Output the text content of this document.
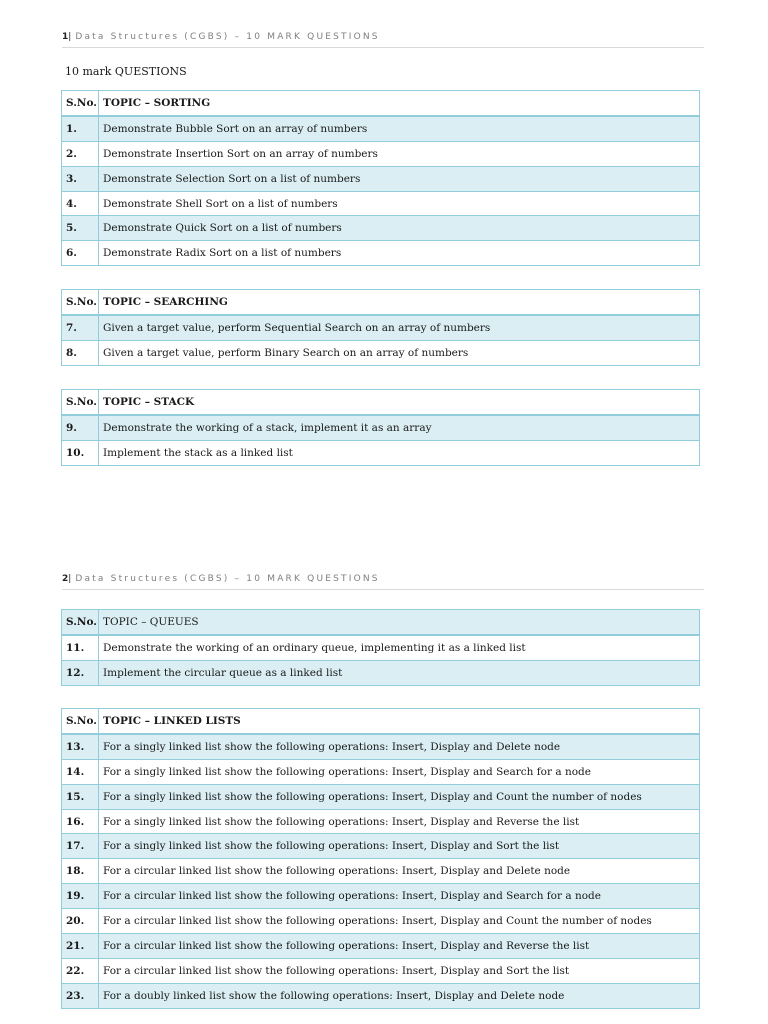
1| Data Structures (CGBS) – 10 MARK QUESTIONS
10 mark QUESTIONS
S.No.	TOPIC – SORTING
1.	Demonstrate Bubble Sort on an array of numbers
2.	Demonstrate Insertion Sort on an array of numbers
3.	Demonstrate Selection Sort on a list of numbers
4.	Demonstrate Shell Sort on a list of numbers
5.	Demonstrate Quick Sort on a list of numbers
6.	Demonstrate Radix Sort on a list of numbers
S.No.	TOPIC – SEARCHING
7.	Given a target value, perform Sequential Search on an array of numbers
8.	Given a target value, perform Binary Search on an array of numbers
S.No.	TOPIC – STACK
9.	Demonstrate the working of a stack, implement it as an array
10.	Implement the stack as a linked list
2| Data Structures (CGBS) – 10 MARK QUESTIONS
S.No.	TOPIC – QUEUES
11.	Demonstrate the working of an ordinary queue, implementing it as a linked list
12.	Implement the circular queue as a linked list
S.No.	TOPIC – LINKED LISTS
13.	For a singly linked list show the following operations: Insert, Display and Delete node
14.	For a singly linked list show the following operations: Insert, Display and Search for a node
15.	For a singly linked list show the following operations: Insert, Display and Count the number of nodes
16.	For a singly linked list show the following operations: Insert, Display and Reverse the list
17.	For a singly linked list show the following operations: Insert, Display and Sort the list
18.	For a circular linked list show the following operations: Insert, Display and Delete node
19.	For a circular linked list show the following operations: Insert, Display and Search for a node
20.	For a circular linked list show the following operations: Insert, Display and Count the number of nodes
21.	For a circular linked list show the following operations: Insert, Display and Reverse the list
22.	For a circular linked list show the following operations: Insert, Display and Sort the list
23.	For a doubly linked list show the following operations: Insert, Display and Delete node
